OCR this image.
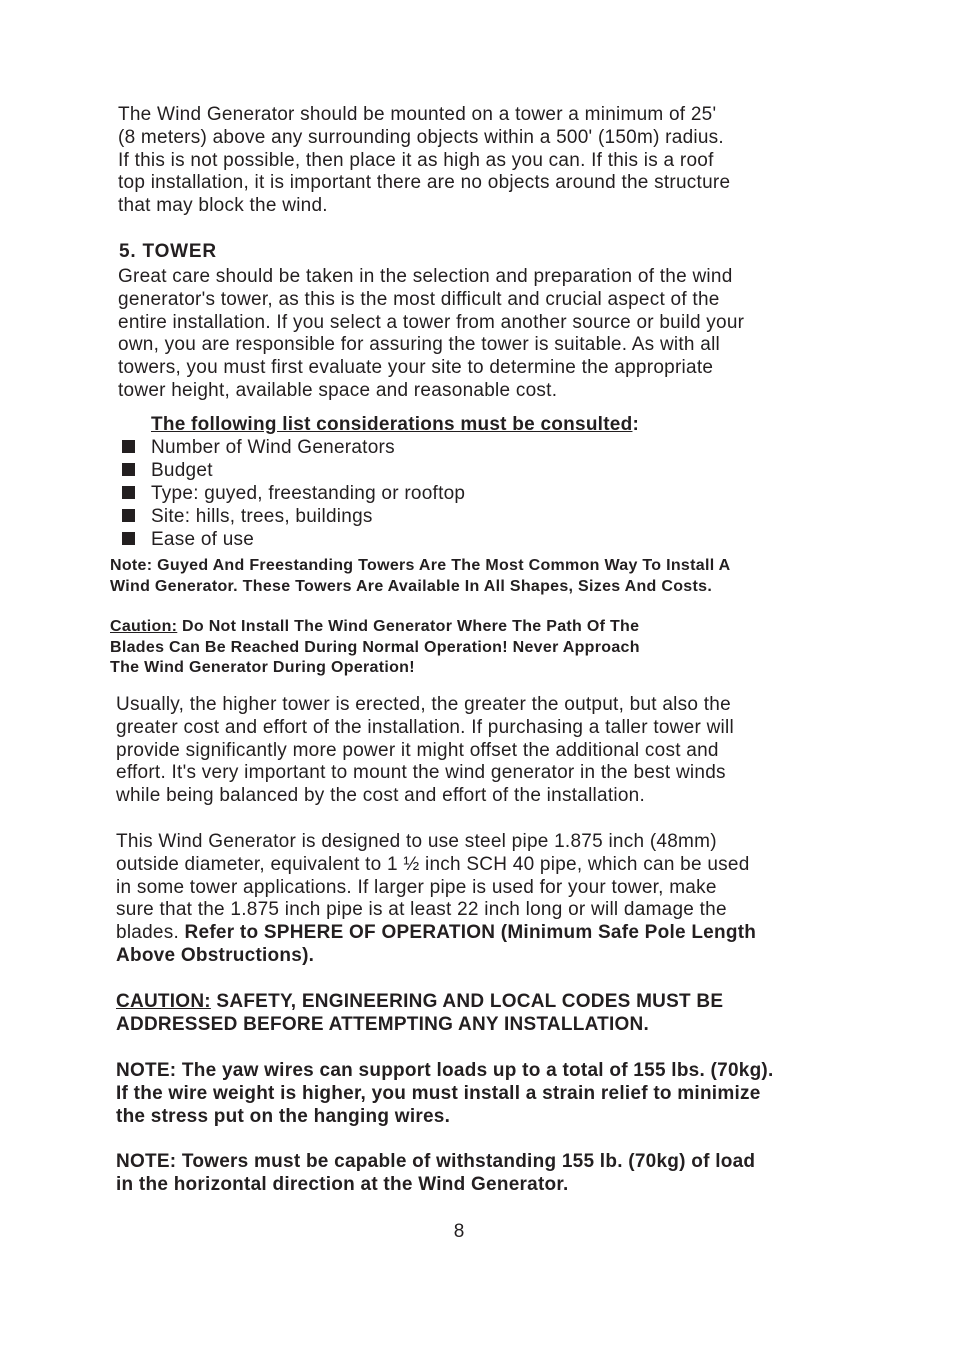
The Wind Generator should be mounted on a tower a minimum of 25'
(8 meters) above any surrounding objects within a 500' (150m) radius.
If this is not possible, then place it as high as you can. If this is a roof
top installation, it is important there are no objects around the structure
that may block the wind.
5. TOWER
Great care should be taken in the selection and preparation of the wind
generator's tower, as this is the most difficult and crucial aspect of the
entire installation. If you select a tower from another source or build your
own, you are responsible for assuring the tower is suitable. As with all
towers, you must first evaluate your site to determine the appropriate
tower height, available space and reasonable cost.
The following list considerations must be consulted:
Number of Wind Generators
Budget
Type: guyed, freestanding or rooftop
Site: hills, trees, buildings
Ease of use
Note: Guyed And Freestanding Towers Are The Most Common Way To Install A
Wind Generator. These Towers Are Available In All Shapes, Sizes And Costs.
Caution: Do Not Install The Wind Generator Where The Path Of The
Blades Can Be Reached During Normal Operation! Never Approach
The Wind Generator During Operation!
Usually, the higher tower is erected, the greater the output, but also the
greater cost and effort of the installation. If purchasing a taller tower will
provide significantly more power it might offset the additional cost and
effort. It's very important to mount the wind generator in the best winds
while being balanced by the cost and effort of the installation.
This Wind Generator is designed to use steel pipe 1.875 inch (48mm)
outside diameter, equivalent to 1 ½ inch SCH 40 pipe, which can be used
in some tower applications. If larger pipe is used for your tower, make
sure that the 1.875 inch pipe is at least 22 inch long or will damage the
blades. Refer to SPHERE OF OPERATION (Minimum Safe Pole Length
Above Obstructions).
CAUTION: SAFETY, ENGINEERING AND LOCAL CODES MUST BE
ADDRESSED BEFORE ATTEMPTING ANY INSTALLATION.
NOTE: The yaw wires can support loads up to a total of 155 lbs. (70kg).
If the wire weight is higher, you must install a strain relief to minimize
the stress put on the hanging wires.
NOTE: Towers must be capable of withstanding 155 lb. (70kg) of load
in the horizontal direction at the Wind Generator.
8
